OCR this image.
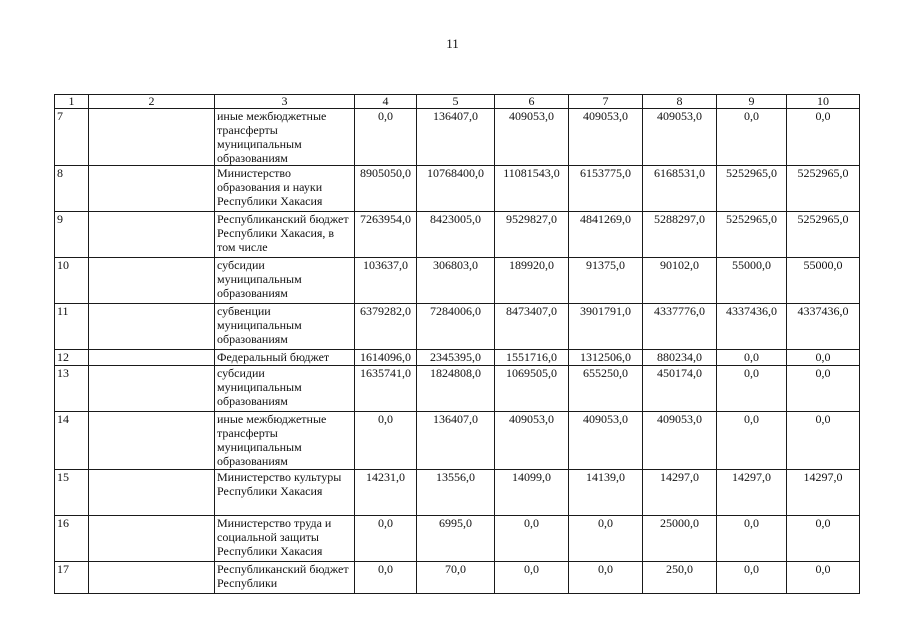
11
1	2	3	4	5	6	7	8	9	10
7		иные межбюджетные трансферты муниципальным образованиям	0,0	136407,0	409053,0	409053,0	409053,0	0,0	0,0
8		Министерство образования и науки Республики Хакасия	8905050,0	10768400,0	11081543,0	6153775,0	6168531,0	5252965,0	5252965,0
9		Республиканский бюджет Республики Хакасия, в том числе	7263954,0	8423005,0	9529827,0	4841269,0	5288297,0	5252965,0	5252965,0
10		субсидии муниципальным образованиям	103637,0	306803,0	189920,0	91375,0	90102,0	55000,0	55000,0
11		субвенции муниципальным образованиям	6379282,0	7284006,0	8473407,0	3901791,0	4337776,0	4337436,0	4337436,0
12		Федеральный бюджет	1614096,0	2345395,0	1551716,0	1312506,0	880234,0	0,0	0,0
13		субсидии муниципальным образованиям	1635741,0	1824808,0	1069505,0	655250,0	450174,0	0,0	0,0
14		иные межбюджетные трансферты муниципальным образованиям	0,0	136407,0	409053,0	409053,0	409053,0	0,0	0,0
15		Министерство культуры Республики Хакасия	14231,0	13556,0	14099,0	14139,0	14297,0	14297,0	14297,0
16		Министерство труда и социальной защиты Республики Хакасия	0,0	6995,0	0,0	0,0	25000,0	0,0	0,0
17		Республиканский бюджет Республики	0,0	70,0	0,0	0,0	250,0	0,0	0,0
